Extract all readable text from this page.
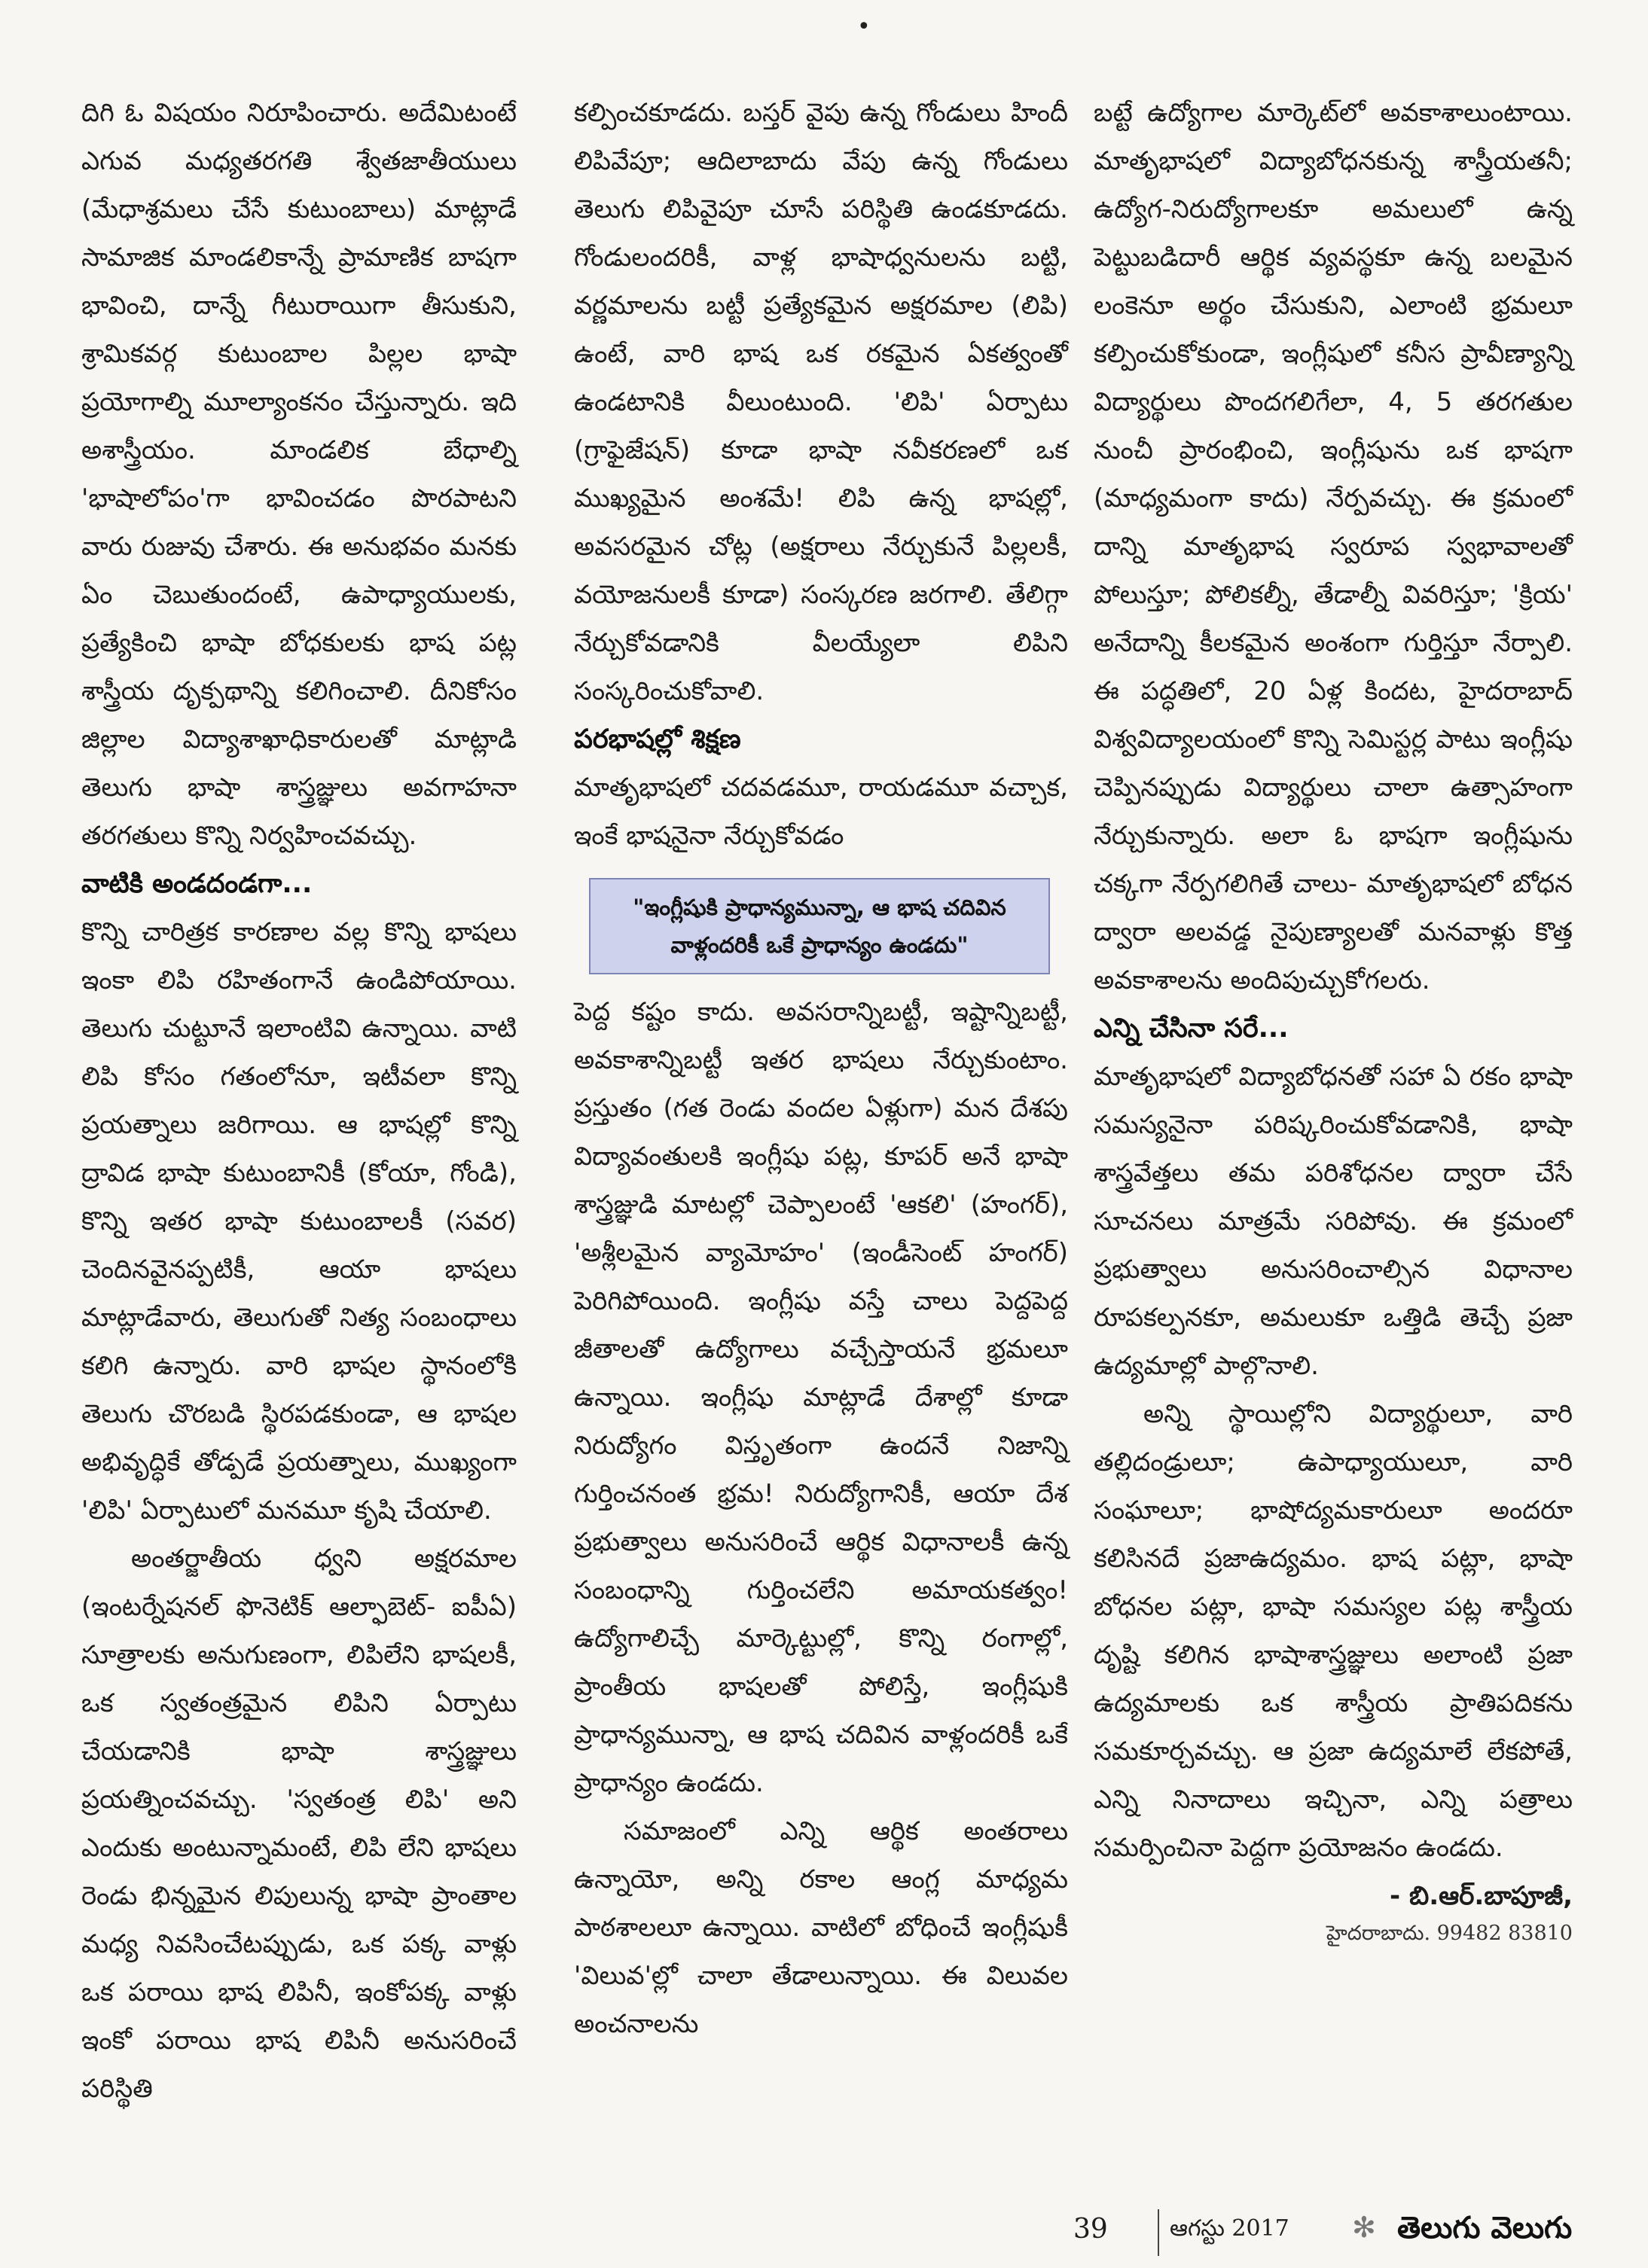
•

దిగి ఓ విషయం నిరూపించారు. అదేమిటంటే ఎగువ మధ్యతరగతి శ్వేతజాతీయులు (మేధాశ్రమలు చేసే కుటుంబాలు) మాట్లాడే సామాజిక మాండలికాన్నే ప్రామాణిక బాషగా భావించి, దాన్నే గీటురాయిగా తీసుకుని, శ్రామికవర్గ కుటుంబాల పిల్లల భాషా ప్రయోగాల్ని మూల్యాంకనం చేస్తున్నారు. ఇది అశాస్త్రీయం. మాండలిక బేధాల్ని 'భాషాలోపం'గా భావించడం పొరపాటని వారు రుజువు చేశారు. ఈ అనుభవం మనకు ఏం చెబుతుందంటే, ఉపాధ్యాయులకు, ప్రత్యేకించి భాషా బోధకులకు భాష పట్ల శాస్త్రీయ దృక్పథాన్ని కలిగించాలి. దీనికోసం జిల్లాల విద్యాశాఖాధికారులతో మాట్లాడి తెలుగు భాషా శాస్త్రజ్ఞులు అవగాహనా తరగతులు కొన్ని నిర్వహించవచ్చు.

వాటికి అండదండగా...

కొన్ని చారిత్రక కారణాల వల్ల కొన్ని భాషలు ఇంకా లిపి రహితంగానే ఉండిపోయాయి. తెలుగు చుట్టూనే ఇలాంటివి ఉన్నాయి. వాటి లిపి కోసం గతంలోనూ, ఇటీవలా కొన్ని ప్రయత్నాలు జరిగాయి. ఆ భాషల్లో కొన్ని ద్రావిడ భాషా కుటుంబానికీ (కోయా, గోండి), కొన్ని ఇతర భాషా కుటుంబాలకీ (సవర) చెందినవైనప్పటికీ, ఆయా భాషలు మాట్లాడేవారు, తెలుగుతో నిత్య సంబంధాలు కలిగి ఉన్నారు. వారి భాషల స్థానంలోకి తెలుగు చొరబడి స్థిరపడకుండా, ఆ భాషల అభివృద్ధికే తోడ్పడే ప్రయత్నాలు, ముఖ్యంగా 'లిపి' ఏర్పాటులో మనమూ కృషి చేయాలి.

అంతర్జాతీయ ధ్వని అక్షరమాల (ఇంటర్నేషనల్ ఫొనెటిక్ ఆల్ఫాబెట్- ఐపీఏ) సూత్రాలకు అనుగుణంగా, లిపిలేని భాషలకీ, ఒక స్వతంత్రమైన లిపిని ఏర్పాటు చేయడానికి భాషా శాస్త్రజ్ఞులు ప్రయత్నించవచ్చు. 'స్వతంత్ర లిపి' అని ఎందుకు అంటున్నామంటే, లిపి లేని భాషలు రెండు భిన్నమైన లిపులున్న భాషా ప్రాంతాల మధ్య నివసించేటప్పుడు, ఒక పక్క వాళ్లు ఒక పరాయి భాష లిపినీ, ఇంకోపక్క వాళ్లు ఇంకో పరాయి భాష లిపినీ అనుసరించే పరిస్థితి

కల్పించకూడదు. బస్తర్ వైపు ఉన్న గోండులు హిందీ లిపివేపూ; ఆదిలాబాదు వేపు ఉన్న గోండులు తెలుగు లిపివైపూ చూసే పరిస్థితి ఉండకూడదు. గోండులందరికీ, వాళ్ల భాషాధ్వనులను బట్టి, వర్ణమాలను బట్టీ ప్రత్యేకమైన అక్షరమాల (లిపి) ఉంటే, వారి భాష ఒక రకమైన ఏకత్వంతో ఉండటానికి వీలుంటుంది. 'లిపి' ఏర్పాటు (గ్రాఫైజేషన్) కూడా భాషా నవీకరణలో ఒక ముఖ్యమైన అంశమే! లిపి ఉన్న భాషల్లో, అవసరమైన చోట్ల (అక్షరాలు నేర్చుకునే పిల్లలకీ, వయోజనులకీ కూడా) సంస్కరణ జరగాలి. తేలిగ్గా నేర్చుకోవడానికి వీలయ్యేలా లిపిని సంస్కరించుకోవాలి.

పరభాషల్లో శిక్షణ

మాతృభాషలో చదవడమూ, రాయడమూ వచ్చాక, ఇంకే భాషనైనా నేర్చుకోవడం

"ఇంగ్లీషుకి ప్రాధాన్యమున్నా, ఆ భాష చదివిన వాళ్లందరికీ ఒకే ప్రాధాన్యం ఉండదు"

పెద్ద కష్టం కాదు. అవసరాన్నిబట్టీ, ఇష్టాన్నిబట్టీ, అవకాశాన్నిబట్టీ ఇతర భాషలు నేర్చుకుంటాం. ప్రస్తుతం (గత రెండు వందల ఏళ్లుగా) మన దేశపు విద్యావంతులకి ఇంగ్లీషు పట్ల, కూపర్ అనే భాషా శాస్త్రజ్ఞుడి మాటల్లో చెప్పాలంటే 'ఆకలి' (హంగర్), 'అశ్లీలమైన వ్యామోహం' (ఇండీసెంట్ హంగర్) పెరిగిపోయింది. ఇంగ్లీషు వస్తే చాలు పెద్దపెద్ద జీతాలతో ఉద్యోగాలు వచ్చేస్తాయనే భ్రమలూ ఉన్నాయి. ఇంగ్లీషు మాట్లాడే దేశాల్లో కూడా నిరుద్యోగం విస్తృతంగా ఉందనే నిజాన్ని గుర్తించనంత భ్రమ! నిరుద్యోగానికీ, ఆయా దేశ ప్రభుత్వాలు అనుసరించే ఆర్థిక విధానాలకీ ఉన్న సంబంధాన్ని గుర్తించలేని అమాయకత్వం! ఉద్యోగాలిచ్చే మార్కెట్టుల్లో, కొన్ని రంగాల్లో, ప్రాంతీయ భాషలతో పోలిస్తే, ఇంగ్లీషుకి ప్రాధాన్యమున్నా, ఆ భాష చదివిన వాళ్లందరికీ ఒకే ప్రాధాన్యం ఉండదు.

సమాజంలో ఎన్ని ఆర్థిక అంతరాలు ఉన్నాయో, అన్ని రకాల ఆంగ్ల మాధ్యమ పాఠశాలలూ ఉన్నాయి. వాటిలో బోధించే ఇంగ్లీషుకీ 'విలువ'ల్లో చాలా తేడాలున్నాయి. ఈ విలువల అంచనాలను

బట్టే ఉద్యోగాల మార్కెట్‌లో అవకాశాలుంటాయి. మాతృభాషలో విద్యాబోధనకున్న శాస్త్రీయతనీ; ఉద్యోగ-నిరుద్యోగాలకూ అమలులో ఉన్న పెట్టుబడిదారీ ఆర్థిక వ్యవస్థకూ ఉన్న బలమైన లంకెనూ అర్థం చేసుకుని, ఎలాంటి భ్రమలూ కల్పించుకోకుండా, ఇంగ్లీషులో కనీస ప్రావీణ్యాన్ని విద్యార్థులు పొందగలిగేలా, 4, 5 తరగతుల నుంచీ ప్రారంభించి, ఇంగ్లీషును ఒక భాషగా (మాధ్యమంగా కాదు) నేర్పవచ్చు. ఈ క్రమంలో దాన్ని మాతృభాష స్వరూప స్వభావాలతో పోలుస్తూ; పోలికల్నీ, తేడాల్నీ వివరిస్తూ; 'క్రియ' అనేదాన్ని కీలకమైన అంశంగా గుర్తిస్తూ నేర్పాలి. ఈ పద్ధతిలో, 20 ఏళ్ల కిందట, హైదరాబాద్ విశ్వవిద్యాలయంలో కొన్ని సెమిస్టర్ల పాటు ఇంగ్లీషు చెప్పినప్పుడు విద్యార్థులు చాలా ఉత్సాహంగా నేర్చుకున్నారు. అలా ఓ భాషగా ఇంగ్లీషును చక్కగా నేర్పగలిగితే చాలు- మాతృభాషలో బోధన ద్వారా అలవడ్డ నైపుణ్యాలతో మనవాళ్లు కొత్త అవకాశాలను అందిపుచ్చుకోగలరు.

ఎన్ని చేసినా సరే...

మాతృభాషలో విద్యాబోధనతో సహా ఏ రకం భాషా సమస్యనైనా పరిష్కరించుకోవడానికి, భాషా శాస్త్రవేత్తలు తమ పరిశోధనల ద్వారా చేసే సూచనలు మాత్రమే సరిపోవు. ఈ క్రమంలో ప్రభుత్వాలు అనుసరించాల్సిన విధానాల రూపకల్పనకూ, అమలుకూ ఒత్తిడి తెచ్చే ప్రజా ఉద్యమాల్లో పాల్గొనాలి.

అన్ని స్థాయిల్లోని విద్యార్థులూ, వారి తల్లిదండ్రులూ; ఉపాధ్యాయులూ, వారి సంఘాలూ; భాషోద్యమకారులూ అందరూ కలిసినదే ప్రజాఉద్యమం. భాష పట్లా, భాషా బోధనల పట్లా, భాషా సమస్యల పట్ల శాస్త్రీయ దృష్టి కలిగిన భాషాశాస్త్రజ్ఞులు అలాంటి ప్రజా ఉద్యమాలకు ఒక శాస్త్రీయ ప్రాతిపదికను సమకూర్చవచ్చు. ఆ ప్రజా ఉద్యమాలే లేకపోతే, ఎన్ని నినాదాలు ఇచ్చినా, ఎన్ని పత్రాలు సమర్పించినా పెద్దగా ప్రయోజనం ఉండదు.

- బి.ఆర్.బాపూజీ,
హైదరాబాదు. 99482 83810
39	ఆగస్టు 2017 ✻ తెలుగు వెలుగు
